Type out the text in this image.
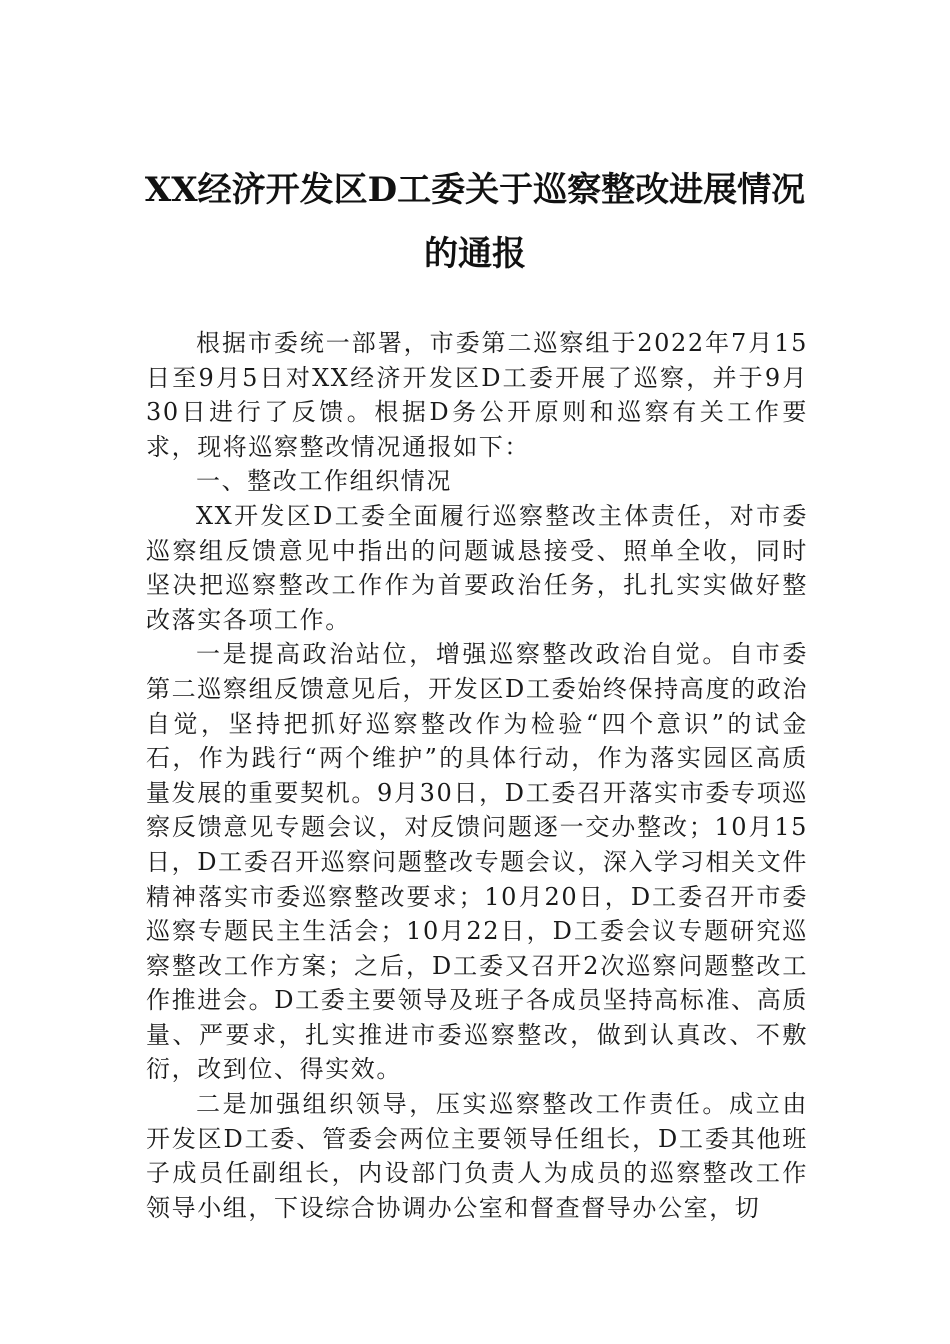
XX经济开发区D工委关于巡察整改进展情况的通报

根据市委统一部署，市委第二巡察组于2022年7月15日至9月5日对XX经济开发区D工委开展了巡察，并于9月30日进行了反馈。根据D务公开原则和巡察有关工作要求，现将巡察整改情况通报如下：

一、整改工作组织情况

XX开发区D工委全面履行巡察整改主体责任，对市委巡察组反馈意见中指出的问题诚恳接受、照单全收，同时坚决把巡察整改工作作为首要政治任务，扎扎实实做好整改落实各项工作。

一是提高政治站位，增强巡察整改政治自觉。自市委第二巡察组反馈意见后，开发区D工委始终保持高度的政治自觉，坚持把抓好巡察整改作为检验“四个意识”的试金石，作为践行“两个维护”的具体行动，作为落实园区高质量发展的重要契机。9月30日，D工委召开落实市委专项巡察反馈意见专题会议，对反馈问题逐一交办整改；10月15日，D工委召开巡察问题整改专题会议，深入学习相关文件精神落实市委巡察整改要求；10月20日，D工委召开市委巡察专题民主生活会；10月22日，D工委会议专题研究巡察整改工作方案；之后，D工委又召开2次巡察问题整改工作推进会。D工委主要领导及班子各成员坚持高标准、高质量、严要求，扎实推进市委巡察整改，做到认真改、不敷衍，改到位、得实效。

二是加强组织领导，压实巡察整改工作责任。成立由开发区D工委、管委会两位主要领导任组长，D工委其他班子成员任副组长，内设部门负责人为成员的巡察整改工作领导小组，下设综合协调办公室和督查督导办公室，切
